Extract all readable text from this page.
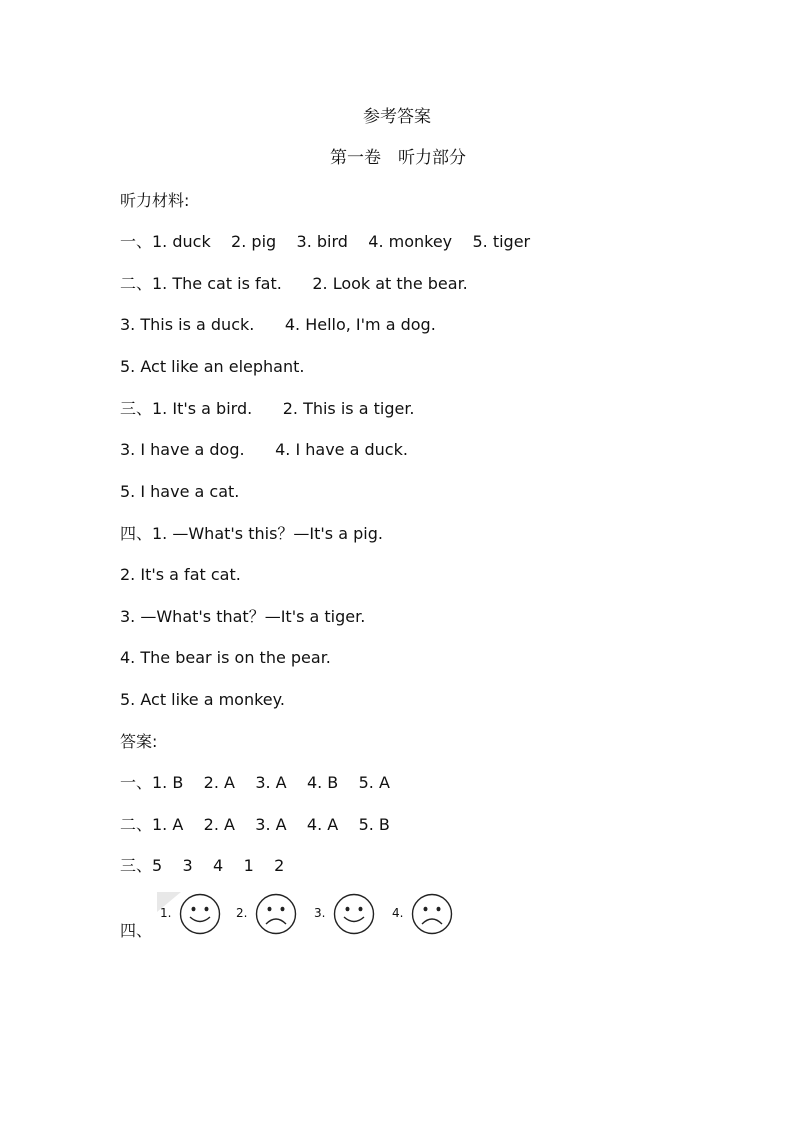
参考答案
第一卷　听力部分
听力材料:
一、1. duck    2. pig    3. bird    4. monkey    5. tiger
二、1. The cat is fat.      2. Look at the bear.
3. This is a duck.      4. Hello, I'm a dog.
5. Act like an elephant.
三、1. It's a bird.      2. This is a tiger.
3. I have a dog.      4. I have a duck.
5. I have a cat.
四、1. —What's this？—It's a pig.
2. It's a fat cat.
3. —What's that？—It's a tiger.
4. The bear is on the pear.
5. Act like a monkey.
答案:
一、1. B    2. A    3. A    4. B    5. A
二、1. A    2. A    3. A    4. A    5. B
三、5    3    4    1    2
四、
1.	2.	3.	4.
